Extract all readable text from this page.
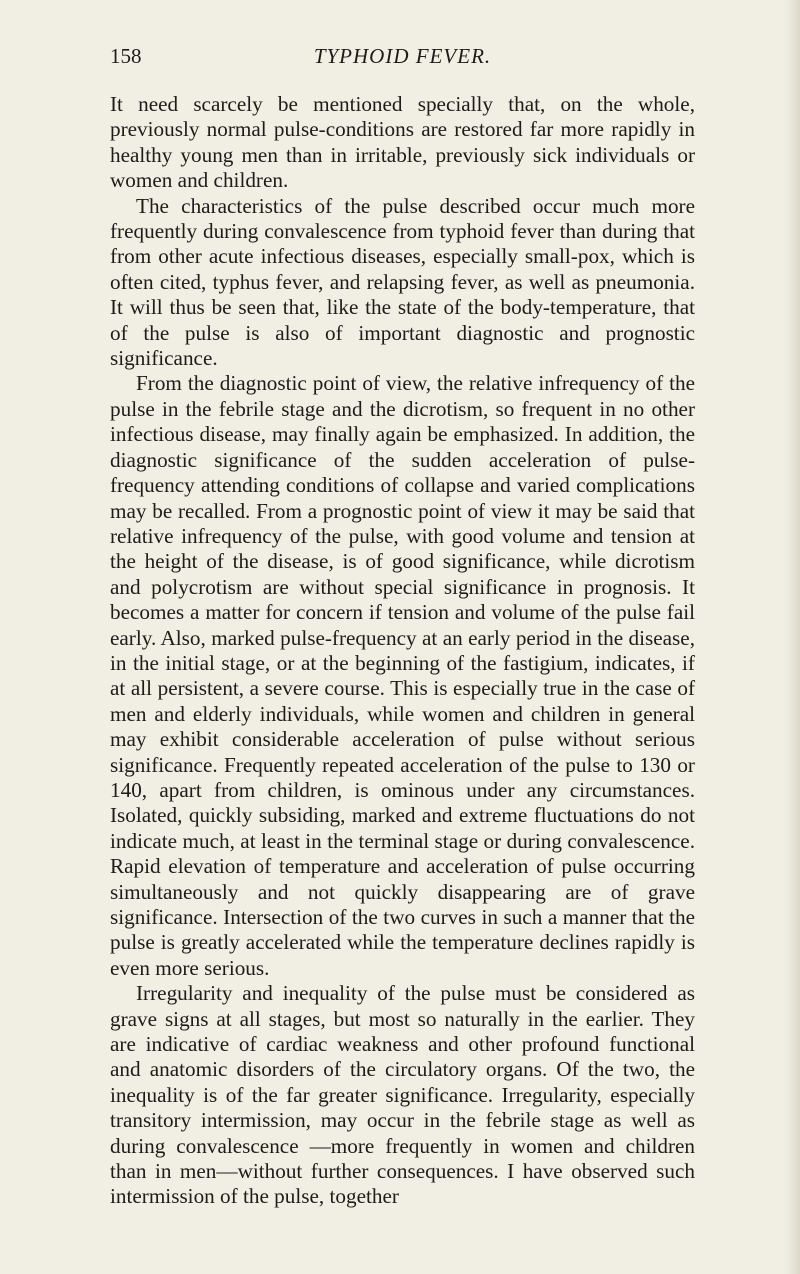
158	TYPHOID FEVER.

It need scarcely be mentioned specially that, on the whole, previously normal pulse-conditions are restored far more rapidly in healthy young men than in irritable, previously sick individuals or women and children.

The characteristics of the pulse described occur much more frequently during convalescence from typhoid fever than during that from other acute infectious diseases, especially small-pox, which is often cited, typhus fever, and relapsing fever, as well as pneumonia. It will thus be seen that, like the state of the body-temperature, that of the pulse is also of important diagnostic and prognostic significance.

From the diagnostic point of view, the relative infrequency of the pulse in the febrile stage and the dicrotism, so frequent in no other infectious disease, may finally again be emphasized. In addition, the diagnostic significance of the sudden acceleration of pulse-frequency attending conditions of collapse and varied complications may be recalled. From a prognostic point of view it may be said that relative infrequency of the pulse, with good volume and tension at the height of the disease, is of good significance, while dicrotism and polycrotism are without special significance in prognosis. It becomes a matter for concern if tension and volume of the pulse fail early. Also, marked pulse-frequency at an early period in the disease, in the initial stage, or at the beginning of the fastigium, indicates, if at all persistent, a severe course. This is especially true in the case of men and elderly individuals, while women and children in general may exhibit considerable acceleration of pulse without serious significance. Frequently repeated acceleration of the pulse to 130 or 140, apart from children, is ominous under any circumstances. Isolated, quickly subsiding, marked and extreme fluctuations do not indicate much, at least in the terminal stage or during convalescence. Rapid elevation of temperature and acceleration of pulse occurring simultaneously and not quickly disappearing are of grave significance. Intersection of the two curves in such a manner that the pulse is greatly accelerated while the temperature declines rapidly is even more serious.

Irregularity and inequality of the pulse must be considered as grave signs at all stages, but most so naturally in the earlier. They are indicative of cardiac weakness and other profound functional and anatomic disorders of the circulatory organs. Of the two, the inequality is of the far greater significance. Irregularity, especially transitory intermission, may occur in the febrile stage as well as during convalescence —more frequently in women and children than in men—without further consequences. I have observed such intermission of the pulse, together
